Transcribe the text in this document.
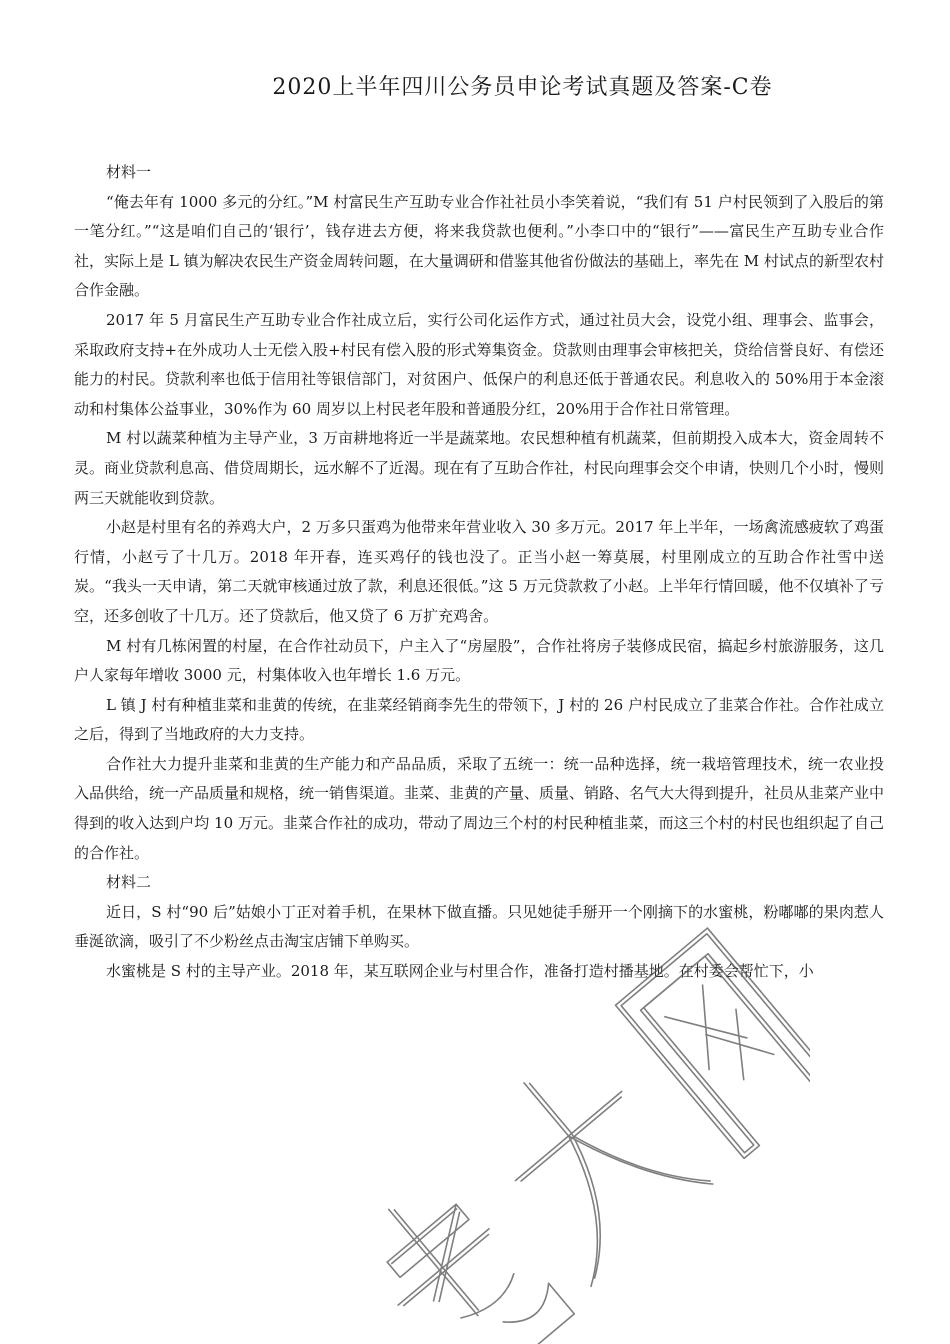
2020上半年四川公务员申论考试真题及答案-C卷

材料一

“俺去年有 1000 多元的分红。”M 村富民生产互助专业合作社社员小李笑着说，“我们有 51 户村民领到了入股后的第一笔分红。”“这是咱们自己的‘银行’，钱存进去方便，将来我贷款也便利。”小李口中的“银行”——富民生产互助专业合作社，实际上是 L 镇为解决农民生产资金周转问题，在大量调研和借鉴其他省份做法的基础上，率先在 M 村试点的新型农村合作金融。

2017 年 5 月富民生产互助专业合作社成立后，实行公司化运作方式，通过社员大会，设党小组、理事会、监事会，采取政府支持+在外成功人士无偿入股+村民有偿入股的形式筹集资金。贷款则由理事会审核把关，贷给信誉良好、有偿还能力的村民。贷款利率也低于信用社等银信部门，对贫困户、低保户的利息还低于普通农民。利息收入的 50%用于本金滚动和村集体公益事业，30%作为 60 周岁以上村民老年股和普通股分红，20%用于合作社日常管理。

M 村以蔬菜种植为主导产业，3 万亩耕地将近一半是蔬菜地。农民想种植有机蔬菜，但前期投入成本大，资金周转不灵。商业贷款利息高、借贷周期长，远水解不了近渴。现在有了互助合作社，村民向理事会交个申请，快则几个小时，慢则两三天就能收到贷款。

小赵是村里有名的养鸡大户，2 万多只蛋鸡为他带来年营业收入 30 多万元。2017 年上半年，一场禽流感疲软了鸡蛋行情，小赵亏了十几万。2018 年开春，连买鸡仔的钱也没了。正当小赵一筹莫展，村里刚成立的互助合作社雪中送炭。“我头一天申请，第二天就审核通过放了款，利息还很低。”这 5 万元贷款救了小赵。上半年行情回暖，他不仅填补了亏空，还多创收了十几万。还了贷款后，他又贷了 6 万扩充鸡舍。

M 村有几栋闲置的村屋，在合作社动员下，户主入了“房屋股”，合作社将房子装修成民宿，搞起乡村旅游服务，这几户人家每年增收 3000 元，村集体收入也年增长 1.6 万元。

L 镇 J 村有种植韭菜和韭黄的传统，在韭菜经销商李先生的带领下，J 村的 26 户村民成立了韭菜合作社。合作社成立之后，得到了当地政府的大力支持。

合作社大力提升韭菜和韭黄的生产能力和产品品质，采取了五统一：统一品种选择，统一栽培管理技术，统一农业投入品供给，统一产品质量和规格，统一销售渠道。韭菜、韭黄的产量、质量、销路、名气大大得到提升，社员从韭菜产业中得到的收入达到户均 10 万元。韭菜合作社的成功，带动了周边三个村的村民种植韭菜，而这三个村的村民也组织起了自己的合作社。

材料二

近日，S 村“90 后”姑娘小丁正对着手机，在果林下做直播。只见她徒手掰开一个刚摘下的水蜜桃，粉嘟嘟的果肉惹人垂涎欲滴，吸引了不少粉丝点击淘宝店铺下单购买。

水蜜桃是 S 村的主导产业。2018 年，某互联网企业与村里合作，准备打造村播基地。在村委会帮忙下，小
